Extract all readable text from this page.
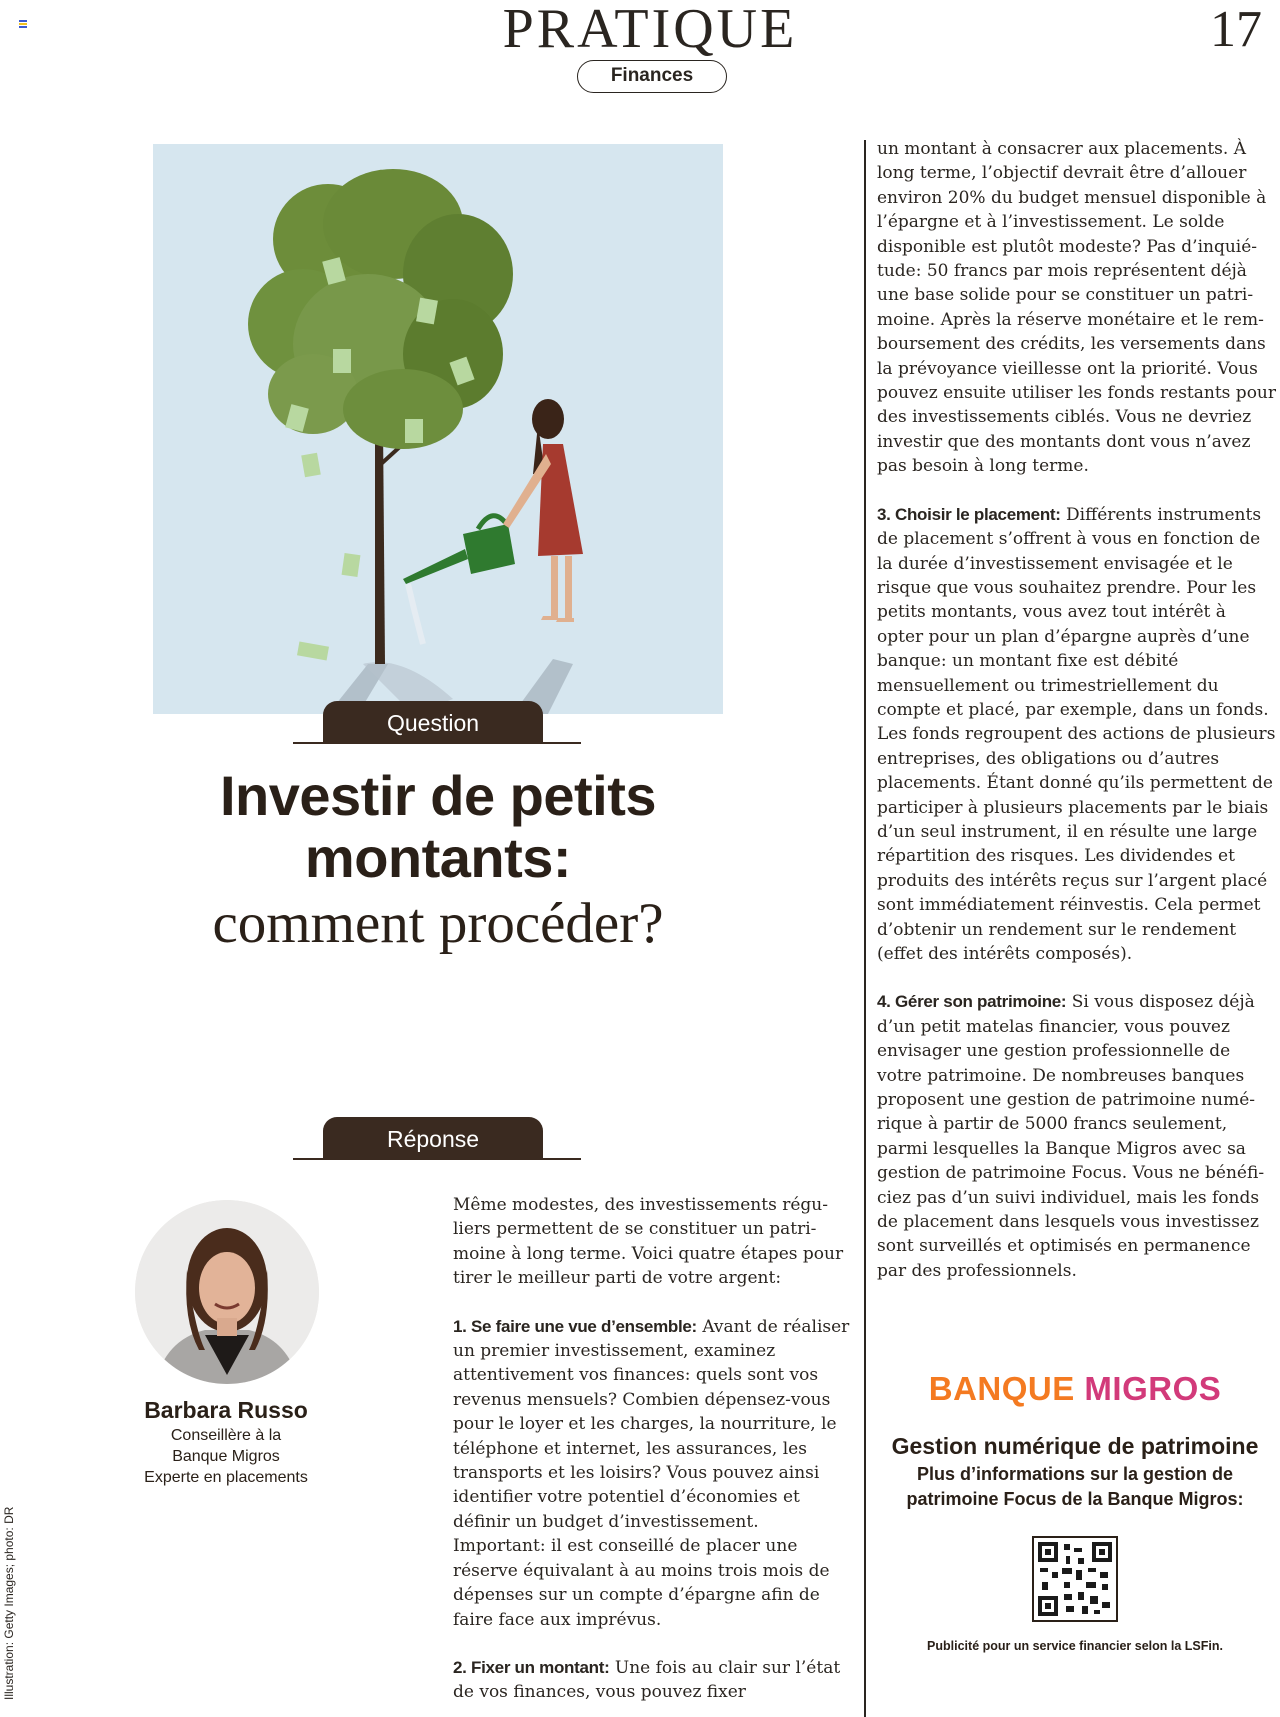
PRATIQUE	17
Finances
Question
Investir de petits
montants:
comment procéder?
Réponse
Barbara Russo
Conseillère à la
Banque Migros
Experte en placements
Illustration: Getty Images; photo: DR

Même modestes, des investissements réguliers permettent de se constituer un patrimoine à long terme. Voici quatre étapes pour tirer le meilleur parti de votre argent:

1. Se faire une vue d’ensemble: Avant de réaliser un premier investissement, examinez attentivement vos finances: quels sont vos revenus mensuels? Combien dépensez-vous pour le loyer et les charges, la nourriture, le téléphone et internet, les assurances, les transports et les loisirs? Vous pouvez ainsi identifier votre potentiel d’économies et définir un budget d’investissement. Important: il est conseillé de placer une réserve équivalant à au moins trois mois de dépenses sur un compte d’épargne afin de faire face aux imprévus.

2. Fixer un montant: Une fois au clair sur l’état de vos finances, vous pouvez fixer

un montant à consacrer aux placements. À long terme, l’objectif devrait être d’allouer environ 20% du budget mensuel disponible à l’épargne et à l’investissement. Le solde disponible est plutôt modeste? Pas d’inquiétude: 50 francs par mois représentent déjà une base solide pour se constituer un patrimoine. Après la réserve monétaire et le remboursement des crédits, les versements dans la prévoyance vieillesse ont la priorité. Vous pouvez ensuite utiliser les fonds restants pour des investissements ciblés. Vous ne devriez investir que des montants dont vous n’avez pas besoin à long terme.

3. Choisir le placement: Différents instruments de placement s’offrent à vous en fonction de la durée d’investissement envisagée et le risque que vous souhaitez prendre. Pour les petits montants, vous avez tout intérêt à opter pour un plan d’épargne auprès d’une banque: un montant fixe est débité mensuellement ou trimestriellement du compte et placé, par exemple, dans un fonds. Les fonds regroupent des actions de plusieurs entreprises, des obligations ou d’autres placements. Étant donné qu’ils permettent de participer à plusieurs placements par le biais d’un seul instrument, il en résulte une large répartition des risques. Les dividendes et produits des intérêts reçus sur l’argent placé sont immédiatement réinvestis. Cela permet d’obtenir un rendement sur le rendement (effet des intérêts composés).

4. Gérer son patrimoine: Si vous disposez déjà d’un petit matelas financier, vous pouvez envisager une gestion professionnelle de votre patrimoine. De nombreuses banques proposent une gestion de patrimoine numérique à partir de 5000 francs seulement, parmi lesquelles la Banque Migros avec sa gestion de patrimoine Focus. Vous ne bénéficiez pas d’un suivi individuel, mais les fonds de placement dans lesquels vous investissez sont surveillés et optimisés en permanence par des professionnels.

BANQUE MIGROS
Gestion numérique de patrimoine
Plus d’informations sur la gestion de patrimoine Focus de la Banque Migros:
Publicité pour un service financier selon la LSFin.
